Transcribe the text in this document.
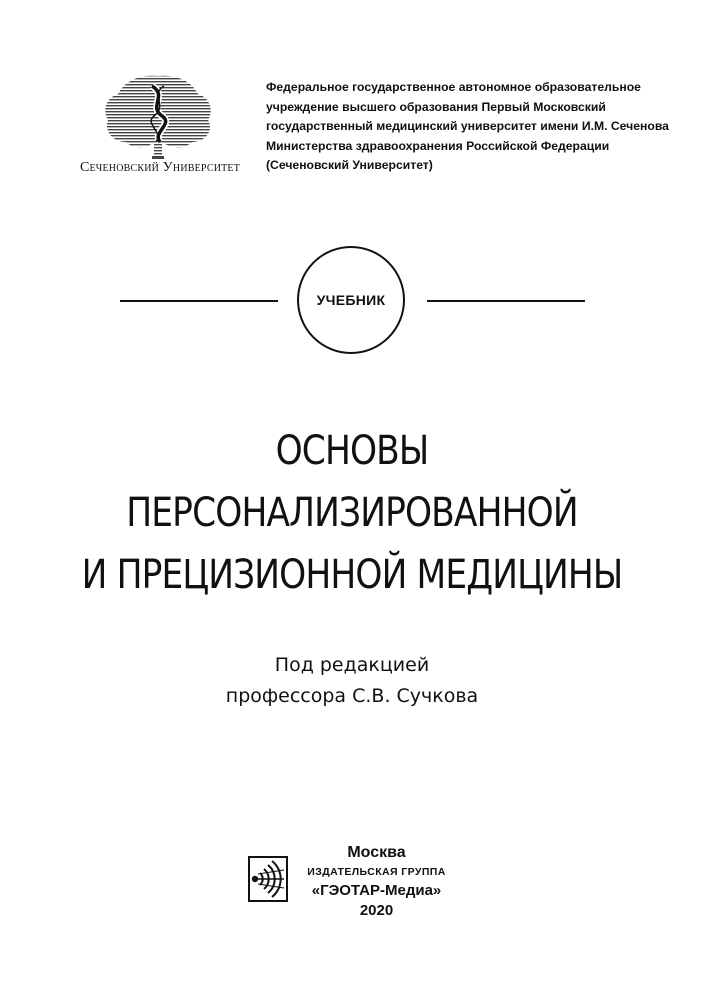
Сеченовский Университет
Федеральное государственное автономное образовательное
учреждение высшего образования Первый Московский
государственный медицинский университет имени И.М. Сеченова
Министерства здравоохранения Российской Федерации
(Сеченовский Университет)
УЧЕБНИК
ОСНОВЫ
ПЕРСОНАЛИЗИРОВАННОЙ
И ПРЕЦИЗИОННОЙ МЕДИЦИНЫ
Под редакцией
профессора С.В. Сучкова
Москва
ИЗДАТЕЛЬСКАЯ ГРУППА
«ГЭОТАР-Медиа»
2020
